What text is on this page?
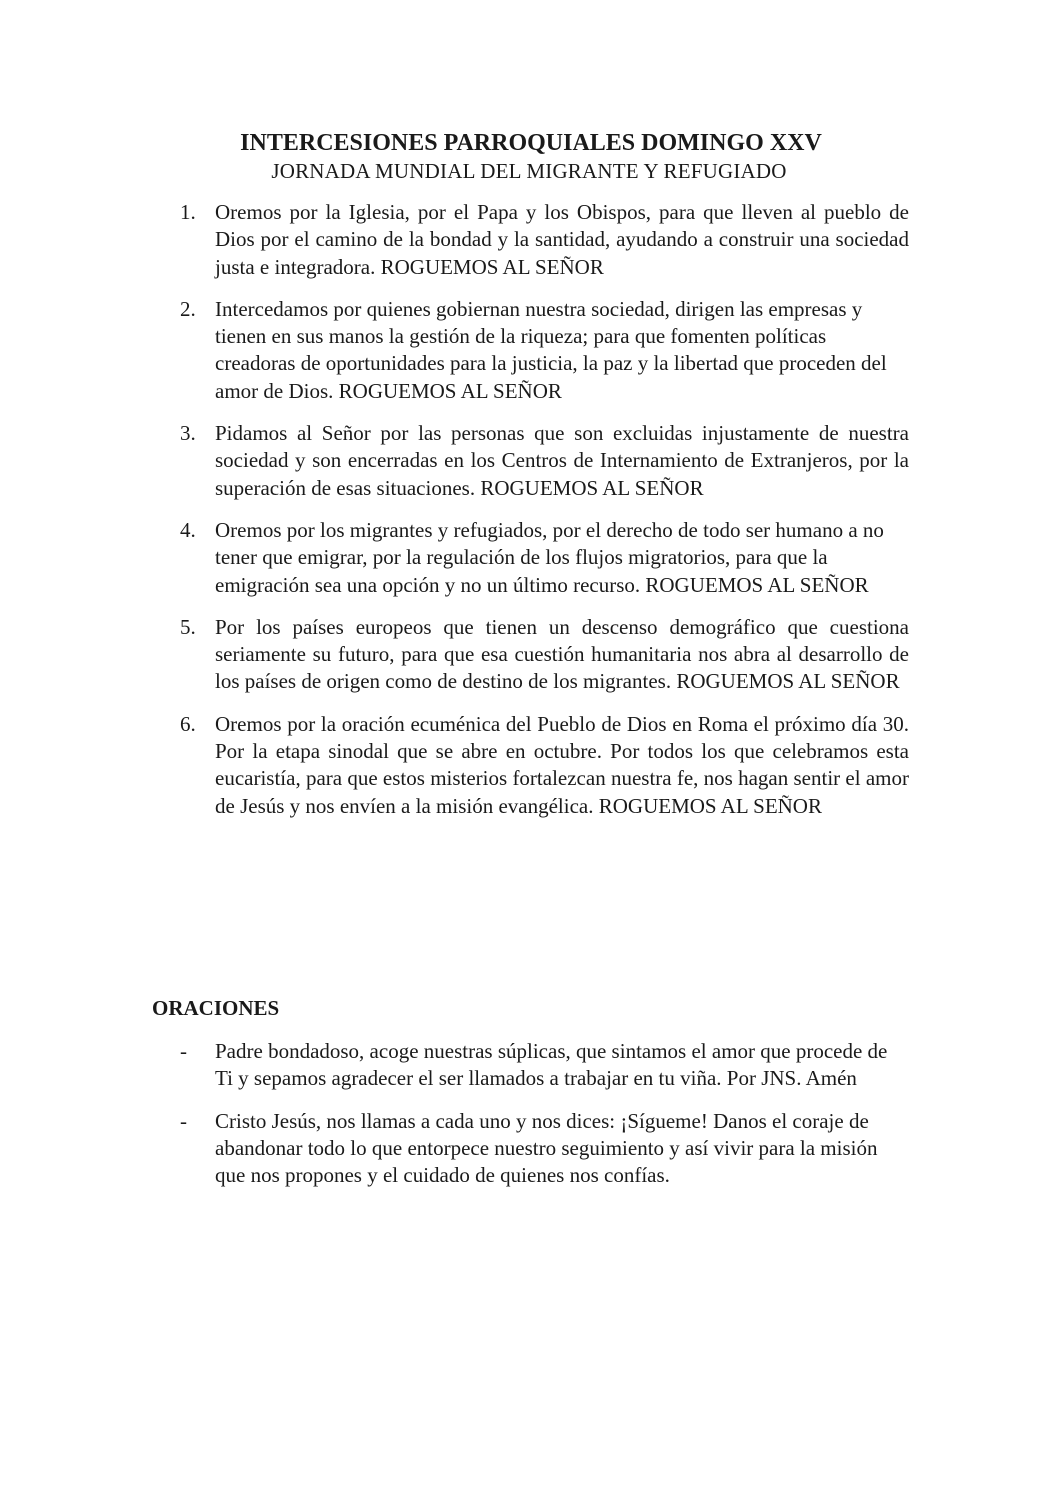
INTERCESIONES PARROQUIALES DOMINGO XXV
JORNADA MUNDIAL DEL MIGRANTE Y REFUGIADO
1. Oremos por la Iglesia, por el Papa y los Obispos, para que lleven al pueblo de Dios por el camino de la bondad y la santidad, ayudando a construir una sociedad justa e integradora. ROGUEMOS AL SEÑOR
2. Intercedamos por quienes gobiernan nuestra sociedad, dirigen las empresas y tienen en sus manos la gestión de la riqueza; para que fomenten políticas creadoras de oportunidades para la justicia, la paz y la libertad que proceden del amor de Dios. ROGUEMOS AL SEÑOR
3. Pidamos al Señor por las personas que son excluidas injustamente de nuestra sociedad y son encerradas en los Centros de Internamiento de Extranjeros, por la superación de esas situaciones. ROGUEMOS AL SEÑOR
4. Oremos por los migrantes y refugiados, por el derecho de todo ser humano a no tener que emigrar, por la regulación de los flujos migratorios, para que la emigración sea una opción y no un último recurso. ROGUEMOS AL SEÑOR
5. Por los países europeos que tienen un descenso demográfico que cuestiona seriamente su futuro, para que esa cuestión humanitaria nos abra al desarrollo de los países de origen como de destino de los migrantes. ROGUEMOS AL SEÑOR
6. Oremos por la oración ecuménica del Pueblo de Dios en Roma el próximo día 30. Por la etapa sinodal que se abre en octubre. Por todos los que celebramos esta eucaristía, para que estos misterios fortalezcan nuestra fe, nos hagan sentir el amor de Jesús y nos envíen a la misión evangélica. ROGUEMOS AL SEÑOR
ORACIONES
- Padre bondadoso, acoge nuestras súplicas, que sintamos el amor que procede de Ti y sepamos agradecer el ser llamados a trabajar en tu viña. Por JNS. Amén
- Cristo Jesús, nos llamas a cada uno y nos dices: ¡Sígueme! Danos el coraje de abandonar todo lo que entorpece nuestro seguimiento y así vivir para la misión que nos propones y el cuidado de quienes nos confías.
